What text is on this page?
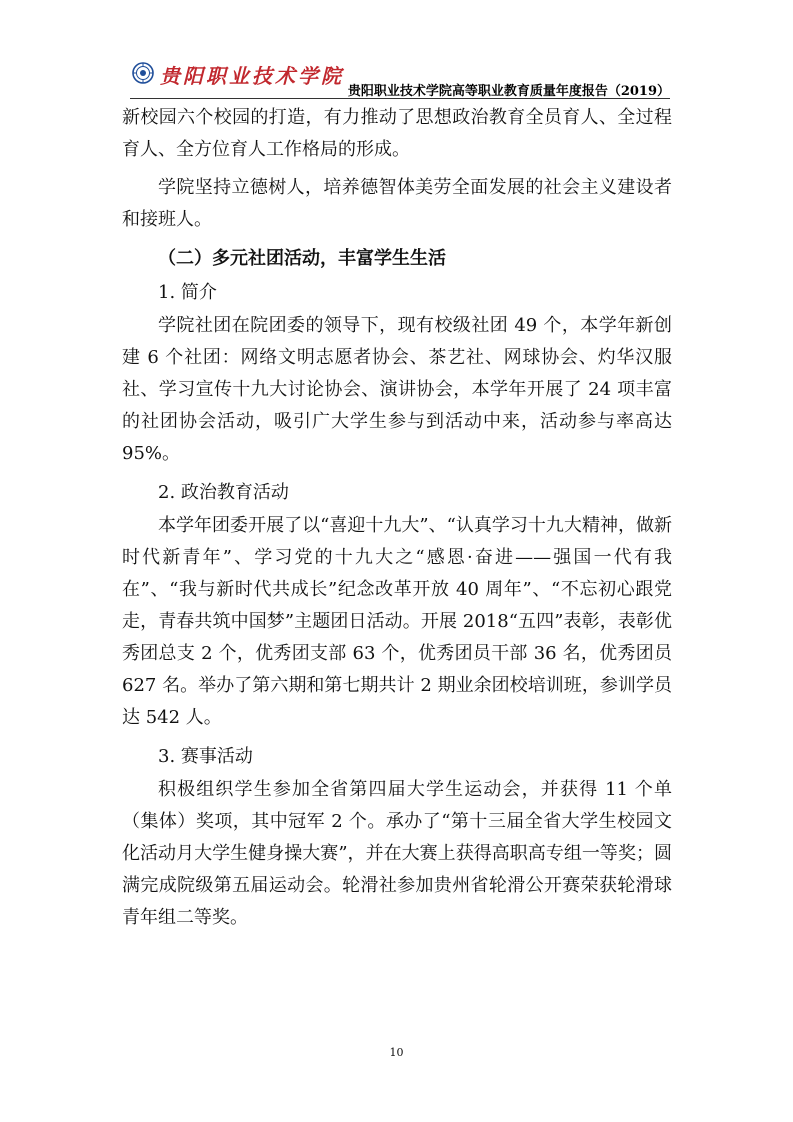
贵阳职业技术学院
贵阳职业技术学院高等职业教育质量年度报告（2019）

新校园六个校园的打造，有力推动了思想政治教育全员育人、全过程育人、全方位育人工作格局的形成。

学院坚持立德树人，培养德智体美劳全面发展的社会主义建设者和接班人。

（二）多元社团活动，丰富学生生活

1. 简介

学院社团在院团委的领导下，现有校级社团 49 个，本学年新创建 6 个社团：网络文明志愿者协会、茶艺社、网球协会、灼华汉服社、学习宣传十九大讨论协会、演讲协会，本学年开展了 24 项丰富的社团协会活动，吸引广大学生参与到活动中来，活动参与率高达 95%。

2. 政治教育活动

本学年团委开展了以“喜迎十九大”、“认真学习十九大精神，做新时代新青年”、学习党的十九大之“感恩·奋进——强国一代有我在”、“我与新时代共成长”纪念改革开放 40 周年”、“不忘初心跟党走，青春共筑中国梦”主题团日活动。开展 2018“五四”表彰，表彰优秀团总支 2 个，优秀团支部 63 个，优秀团员干部 36 名，优秀团员 627 名。举办了第六期和第七期共计 2 期业余团校培训班，参训学员达 542 人。

3. 赛事活动

积极组织学生参加全省第四届大学生运动会，并获得 11 个单（集体）奖项，其中冠军 2 个。承办了“第十三届全省大学生校园文化活动月大学生健身操大赛”，并在大赛上获得高职高专组一等奖；圆满完成院级第五届运动会。轮滑社参加贵州省轮滑公开赛荣获轮滑球青年组二等奖。

10
